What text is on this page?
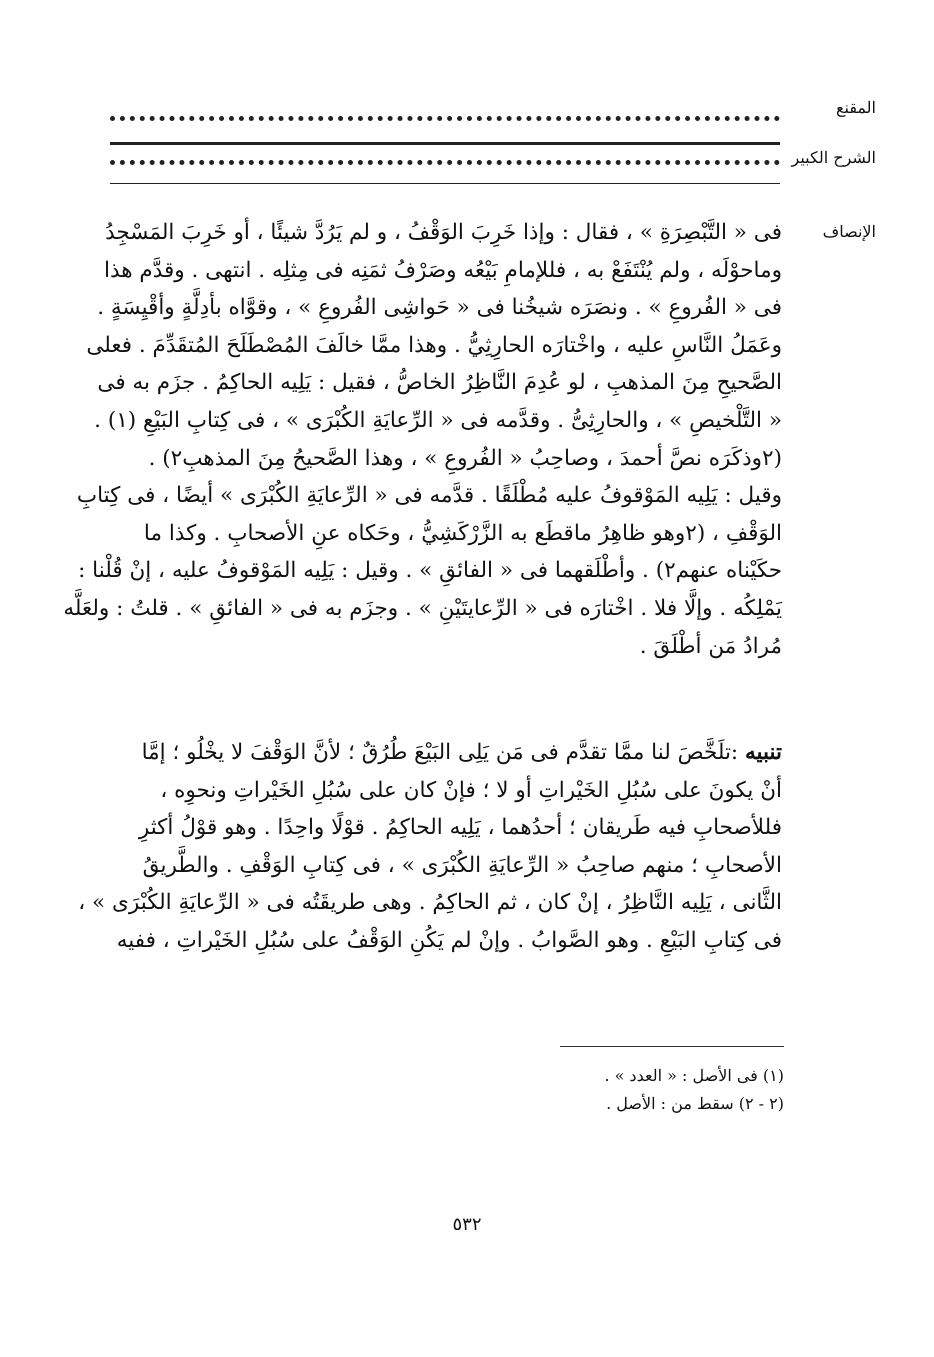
المقنع
الشرح الكبير
الإنصاف
فى « التَّبْصِرَةِ » ، فقال : وإذا خَرِبَ الوَقْفُ ، و لم يَرُدَّ شيئًا ، أو خَرِبَ المَسْجِدُ
وماحوْلَه ، ولم يُنْتَفَعْ به ، فللإمامِ بَيْعُه وصَرْفُ ثمَنِه فى مِثلِه . انتهى . وقدَّم هذا
فى « الفُروعِ » . ونصَرَه شيخُنا فى « حَواشِى الفُروعِ » ، وقوَّاه بأدِلَّةٍ وأقْيِسَةٍ .
وعَمَلُ النَّاسِ عليه ، واخْتارَه الحارِثِيُّ . وهذا ممَّا خالَفَ المُصْطَلَحَ المُتقَدِّمَ . فعلى
الصَّحيحِ مِنَ المذهبِ ، لو عُدِمَ النَّاظِرُ الخاصُّ ، فقيل : يَلِيه الحاكِمُ . جزَم به فى
« التَّلْخيصِ » ، والحارِثِىُّ . وقدَّمه فى « الرِّعايَةِ الكُبْرَى » ، فى كِتابِ البَيْعِ (١) .
(٢وذكَرَه نصَّ أحمدَ ، وصاحِبُ « الفُروعِ » ، وهذا الصَّحيحُ مِنَ المذهبِ٢) .
وقيل : يَلِيه المَوْقوفُ عليه مُطْلَقًا . قدَّمه فى « الرِّعايَةِ الكُبْرَى » أيضًا ، فى كِتابِ
الوَقْفِ ، (٢وهو ظاهِرُ ماقطَع به الزَّرْكَشِيُّ ، وحَكاه عنِ الأصحابِ . وكذا ما
حكَيْناه عنهم٢) . وأطْلَقهما فى « الفائقِ » . وقيل : يَلِيه المَوْقوفُ عليه ، إنْ قُلْنا :
يَمْلِكُه . وإلَّا فلا . اخْتارَه فى « الرِّعايتَيْنِ » . وجزَم به فى « الفائقِ » . قلتُ : ولعَلَّه
مُرادُ مَن أطْلَقَ .
تنبيه :تلَخَّصَ لنا ممَّا تقدَّم فى مَن يَلِى البَيْعَ طُرُقٌ ؛ لأنَّ الوَقْفَ لا يخْلُو ؛ إمَّا
أنْ يكونَ على سُبُلِ الخَيْراتِ أو لا ؛ فإنْ كان على سُبُلِ الخَيْراتِ ونحوِه ،
فللأصحابِ فيه طَريقان ؛ أحدُهما ، يَلِيه الحاكِمُ . قوْلًا واحِدًا . وهو قوْلُ أكثرِ
الأصحابِ ؛ منهم صاحِبُ « الرِّعايَةِ الكُبْرَى » ، فى كِتابِ الوَقْفِ . والطَّريقُ
الثَّانى ، يَلِيه النَّاظِرُ ، إنْ كان ، ثم الحاكِمُ . وهى طريقَتُه فى « الرِّعايَةِ الكُبْرَى » ،
فى كِتابِ البَيْعِ . وهو الصَّوابُ . وإنْ لم يَكُنِ الوَقْفُ على سُبُلِ الخَيْراتِ ، ففيه
(١) فى الأصل : « العدد » .
(٢ - ٢) سقط من : الأصل .
٥٣٢
